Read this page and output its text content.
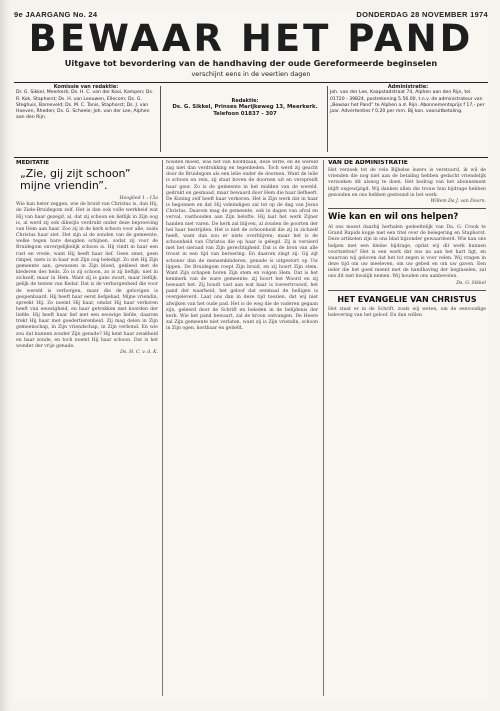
9e JAARGANG No. 24	DONDERDAG 28 NOVEMBER 1974
BEWAAR HET PAND
Uitgave tot bevordering van de handhaving der oude Gereformeerde beginselen
verschijnt eens in de veertien dagen
Komissie van redaktie:
Dr. G. Sikkel, Meerkerk; Ds. H. C. van der Kooi, Kampen; Ds. R. Kok, Staphorst; Ds. H. van Leeuwen, Ellecom; Ds. G. Steghuis, Barneveld; Ds. M. C. Tanis, Staphorst; Ds. J. van Hoeven, Rheden; Ds. G. Scheele; Joh. van der Lee, Alphen aan den Rijn.
Redaktie:
Ds. G. Sikkel, Prinses Marijkeweg 13, Meerkerk. Telefoon 01837 - 307
Administratie:
Joh. van der Lee, Kaapstadstraat 74, Alphen aan den Rijn, tel. 01720 - 39824, postrekening 5.56.00, t.n.v. de administrateur van „Bewaar het Pand” te Alphen a.d. Rijn. Abonnementsprijs f 17,- per jaar. Advertenties f 0,20 per mm. Bij kon. vooruitbetaling.
MEDITATIE
„Zie, gij zijt schoon” mijne vriendin”.
Hooglied 1 : 15a
Wie kan beter zeggen, wie de bruid van Christus is, dan Hij, de Ziele-Bruidegom zelf. Het is dan ook volle werkheid wat Hij van haar gezegd, al, dat zij schoon en lieflijk in Zijn oog is, al werd zij ook dikwijls verdrukt onder deze beproeving van Hem aan haar. Zoo zij in de kerk schoon voor alle, zoals Christus haar ziet. Het zijn al de zonden van de gemeente, welke tegen hare deugden schijnen, zodat zij voor de Bruidegom onvergelijkelijk schoon is. Hij vindt in haar een rust en vrede, want Hij heeft haar lief. Geen smet, geen rimpel, niets is in haar wat Zijn oog beledigt. Zo ziet Hij Zijn gemeente aan, gewassen in Zijn bloed, gekleed met de klederen des heils. Zo is zij schoon, zo is zij lieflijk; niet in zichzelf, maar in Hem. Want zij is gans zwart, maar lieflijk, gelijk de tenten van Kedar. Dat is de verborgenheid die voor de wereld is verborgen, maar die de gelovigen is geopenbaard. Hij heeft haar eerst liefgehad, Mijne vriendin, spreekt Hij. Zo noemt Hij haar, omdat Hij haar verkoren heeft van eeuwigheid, en haar getrokken met koorden der liefde. Hij heeft haar lief met een eeuwige liefde, daarom trekt Hij haar met goedertierenheid. Zij mag delen in Zijn gemeenschap, in Zijn vriendschap, in Zijn verbond. En wie zou dat kunnen zonder Zijn genade? Hij kent haar zwakheid en haar zonde, en toch noemt Hij haar schoon. Dat is het wonder der vrije genade.
Ds. H. C. v. d. K.
houden moest, was het van hoofdzaak, deze witte, en de wereld zag niet dan verdrukking en tegenheden. Toch werd zij geacht door de Bruidegom als een lelie onder de doornen. Want de lelie is schoon en rein, zij staat boven de doornen uit en verspreidt haar geur. Zo is de gemeente in het midden van de wereld, gedrukt en gesmaad, maar bewaard door Hem die haar liefheeft. De Koning zelf heeft haar verkoren. Het is Zijn werk dat in haar is begonnen en dat Hij voleindigen zal tot op de dag van Jezus Christus. Daarom mag de gemeente, ook in dagen van afval en verval, vasthouden aan Zijn belofte. Hij laat het werk Zijner handen niet varen. De kerk zal blijven, al zouden de poorten der hel haar bestrijden. Het is niet de schoonheid die zij in zichzelf heeft, want dan zou er niets overblijven; maar het is de schoonheid van Christus die op haar is gelegd. Zij is versierd met het sieraad van Zijn gerechtigheid. Dat is de bron van alle troost in een tijd van beroering. En daarom zingt zij: Gij zijt schoner dan de mensenkinderen, genade is uitgestort op Uw lippen. De Bruidegom roept Zijn bruid, en zij hoort Zijn stem. Want Zijn schapen horen Zijn stem en volgen Hem. Dat is het kenmerk van de ware gemeente: zij hoort het Woord en zij bewaart het. Zij houdt vast aan wat haar is toevertrouwd, het pand der waarheid, het geloof dat eenmaal de heiligen is overgeleverd. Laat ons dan in deze tijd toezien, dat wij niet afwijken van het oude pad. Het is de weg die de vaderen gegaan zijn, geleerd door de Schrift en beleden in de belijdenis der kerk. Wie het pand bewaart, zal de kroon ontvangen. De Heere zal Zijn gemeente niet verlaten, want zij is Zijn vriendin, schoon in Zijn ogen, kostbaar en geliefd.
VAN DE ADMINISTRATIE
Het verzoek tot de vele Bijbelse lezers is verstuurd, ik wil de vrienden die nog niet aan de betaling hebben gedacht vriendelijk verzoeken dit alsnog te doen. Het bedrag van het abonnement blijft ongewijzigd. Wij danken allen die trouw hun bijdrage hebben gezonden en ons hebben gesteund in het werk.
Willem Da J. van Doorn.
Wie kan en wil ons helpen?
Al ons moest daarbij herhalen gedeeltelijk van Da. G. Crook te Grand Rapids kopje met een titel over de belegering en Staphorst. Deze artikelen zijn in ons blad bijzonder gewaardeerd. Wie kan ons helpen met een kleine bijdrage, opdat wij dit werk kunnen voortzetten? Het is een werk dat ons na aan het hart ligt, en waarvan wij geloven dat het tot zegen is voor velen. Wij vragen in deze tijd om uw meeleven, om uw gebed en om uw gaven. Een ieder die het goed meent met de handhaving der beginselen, zal ons dit niet kwalijk nemen. Wij houden ons aanbevolen.
Ds. G. Sikkel
HET EVANGELIE VAN CHRISTUS
Het staat er in de Schrift, zoals wij weten, om de eenvoudige belevering van het geloof. En dan willen
